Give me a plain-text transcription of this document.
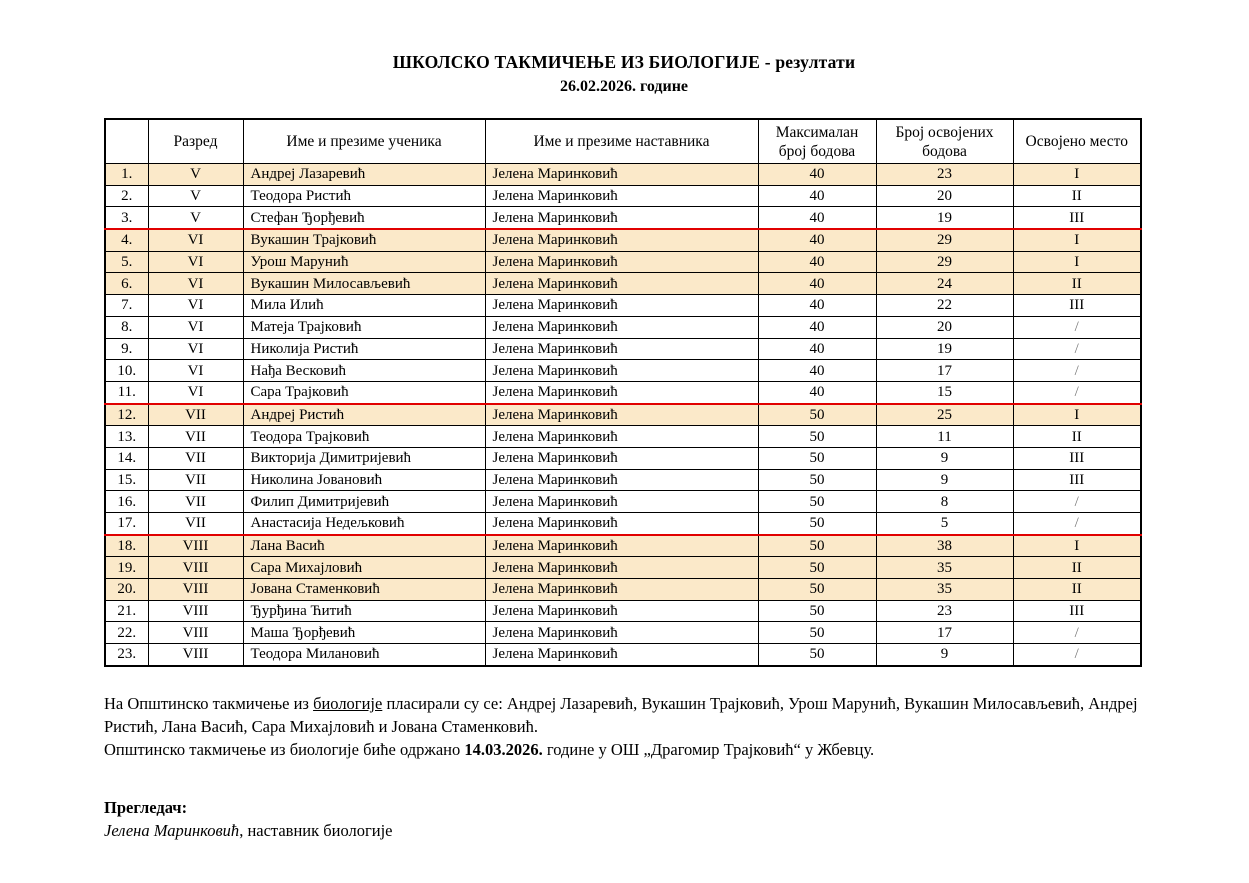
ШКОЛСКО ТАКМИЧЕЊЕ ИЗ БИОЛОГИЈЕ - резултати

26.02.2026. године

	Разред	Име и презиме ученика	Име и презиме наставника	Максималан број бодова	Број освојених бодова	Освојено место
1.	V	Андреј Лазаревић	Јелена Маринковић	40	23	I
2.	V	Теодора Ристић	Јелена Маринковић	40	20	II
3.	V	Стефан Ђорђевић	Јелена Маринковић	40	19	III
4.	VI	Вукашин Трајковић	Јелена Маринковић	40	29	I
5.	VI	Урош Марунић	Јелена Маринковић	40	29	I
6.	VI	Вукашин Милосављевић	Јелена Маринковић	40	24	II
7.	VI	Мила Илић	Јелена Маринковић	40	22	III
8.	VI	Матеја Трајковић	Јелена Маринковић	40	20	/
9.	VI	Николија Ристић	Јелена Маринковић	40	19	/
10.	VI	Нађа Весковић	Јелена Маринковић	40	17	/
11.	VI	Сара Трајковић	Јелена Маринковић	40	15	/
12.	VII	Андреј Ристић	Јелена Маринковић	50	25	I
13.	VII	Теодора Трајковић	Јелена Маринковић	50	11	II
14.	VII	Викторија Димитријевић	Јелена Маринковић	50	9	III
15.	VII	Николина Јовановић	Јелена Маринковић	50	9	III
16.	VII	Филип Димитријевић	Јелена Маринковић	50	8	/
17.	VII	Анастасија Недељковић	Јелена Маринковић	50	5	/
18.	VIII	Лана Васић	Јелена Маринковић	50	38	I
19.	VIII	Сара Михајловић	Јелена Маринковић	50	35	II
20.	VIII	Јована Стаменковић	Јелена Маринковић	50	35	II
21.	VIII	Ђурђина Ћитић	Јелена Маринковић	50	23	III
22.	VIII	Маша Ђорђевић	Јелена Маринковић	50	17	/
23.	VIII	Теодора Милановић	Јелена Маринковић	50	9	/

На Општинско такмичење из биологије пласирали су се: Андреј Лазаревић, Вукашин Трајковић, Урош Марунић, Вукашин Милосављевић, Андреј Ристић, Лана Васић, Сара Михајловић и Јована Стаменковић.

Општинско такмичење из биологије биће одржано 14.03.2026. године у ОШ „Драгомир Трајковић“ у Жбевцу.

Прегледач:

Јелена Маринковић, наставник биологије
